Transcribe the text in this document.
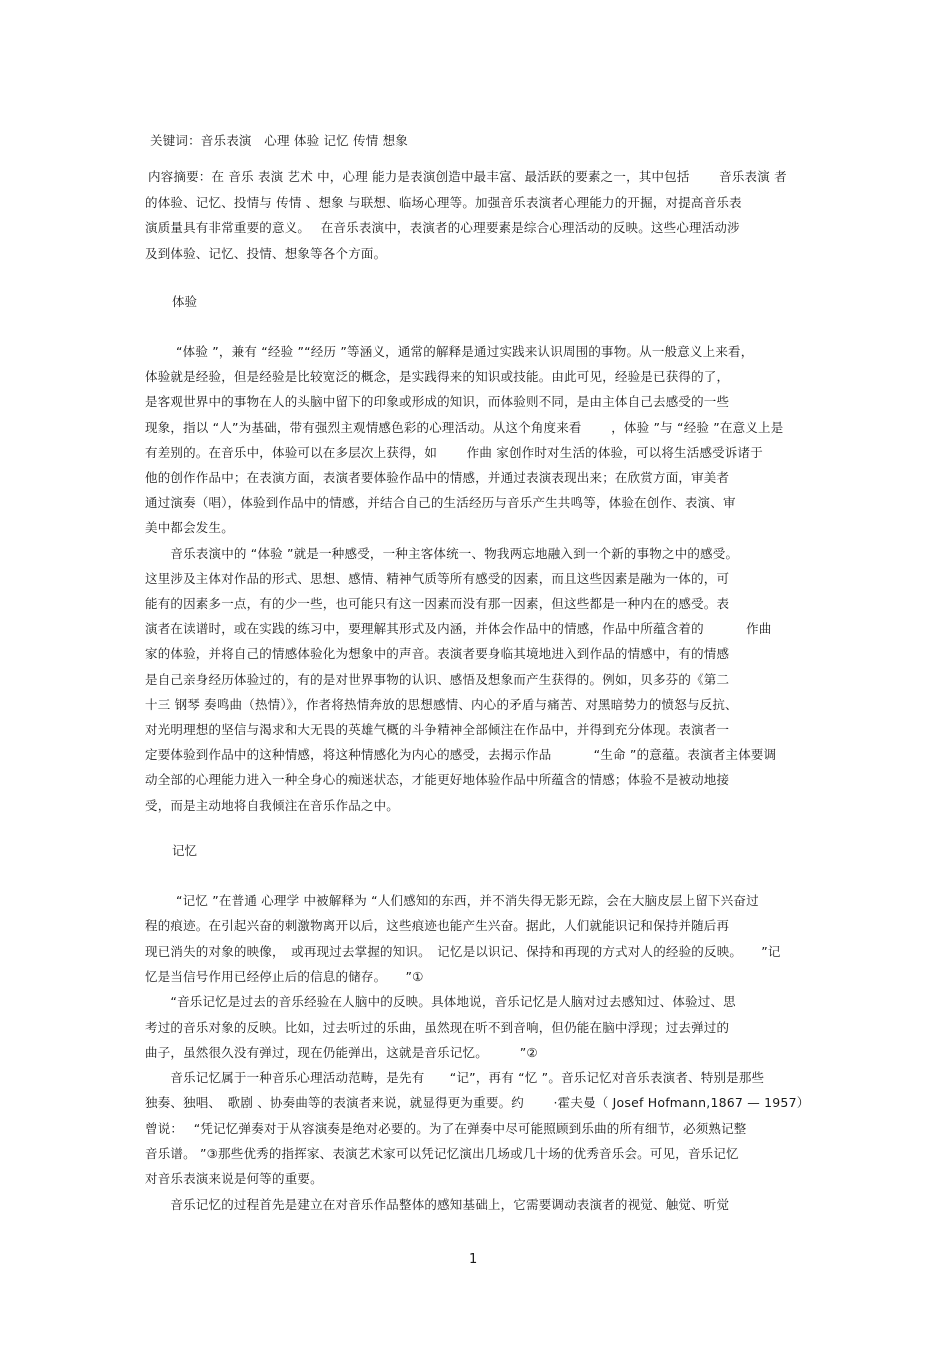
关键词：音乐表演　心理 体验 记忆 传情 想象
内容摘要：在 音乐 表演 艺术 中，心理 能力是表演创造中最丰富、最活跃的要素之一，其中包括　　 音乐表演 者
的体验、记忆、投情与 传情 、想象 与联想、临场心理等。加强音乐表演者心理能力的开掘，对提高音乐表
演质量具有非常重要的意义。　 在音乐表演中，表演者的心理要素是综合心理活动的反映。这些心理活动涉
及到体验、记忆、投情、想象等各个方面。
体验
“体验 ”，兼有 “经验 ”“经历 ”等涵义，通常的解释是通过实践来认识周围的事物。从一般意义上来看，
体验就是经验，但是经验是比较宽泛的概念，是实践得来的知识或技能。由此可见，经验是已获得的了，
是客观世界中的事物在人的头脑中留下的印象或形成的知识，而体验则不同，是由主体自己去感受的一些
现象，指以 “人”为基础，带有强烈主观情感色彩的心理活动。从这个角度来看　　 ，体验 ”与 “经验 ”在意义上是
有差别的。在音乐中，体验可以在多层次上获得，如　　 作曲 家创作时对生活的体验，可以将生活感受诉诸于
他的创作作品中；在表演方面，表演者要体验作品中的情感，并通过表演表现出来；在欣赏方面，审美者
通过演奏（唱），体验到作品中的情感，并结合自己的生活经历与音乐产生共鸣等，体验在创作、表演、审
美中都会发生。
　　音乐表演中的 “体验 ”就是一种感受，一种主客体统一、物我两忘地融入到一个新的事物之中的感受。
这里涉及主体对作品的形式、思想、感情、精神气质等所有感受的因素，而且这些因素是融为一体的，可
能有的因素多一点，有的少一些，也可能只有这一因素而没有那一因素，但这些都是一种内在的感受。表
演者在读谱时，或在实践的练习中，要理解其形式及内涵，并体会作品中的情感，作品中所蕴含着的　　　 作曲
家的体验，并将自己的情感体验化为想象中的声音。表演者要身临其境地进入到作品的情感中，有的情感
是自己亲身经历体验过的，有的是对世界事物的认识、感悟及想象而产生获得的。例如，贝多芬的《第二
十三 钢琴 奏鸣曲（热情）》，作者将热情奔放的思想感情、内心的矛盾与痛苦、对黑暗势力的愤怒与反抗、
对光明理想的坚信与渴求和大无畏的英雄气概的斗争精神全部倾注在作品中，并得到充分体现。表演者一
定要体验到作品中的这种情感，将这种情感化为内心的感受，去揭示作品　　　 “生命 ”的意蕴。表演者主体要调
动全部的心理能力进入一种全身心的痴迷状态，才能更好地体验作品中所蕴含的情感；体验不是被动地接
受，而是主动地将自我倾注在音乐作品之中。
记忆
“记忆 ”在普通 心理学 中被解释为 “人们感知的东西，并不消失得无影无踪，会在大脑皮层上留下兴奋过
程的痕迹。在引起兴奋的刺激物离开以后，这些痕迹也能产生兴奋。据此，人们就能识记和保持并随后再
现已消失的对象的映像，　或再现过去掌握的知识。　记忆是以识记、保持和再现的方式对人的经验的反映。　　”记
忆是当信号作用已经停止后的信息的储存。　　”①
　　“音乐记忆是过去的音乐经验在人脑中的反映。具体地说，音乐记忆是人脑对过去感知过、体验过、思
考过的音乐对象的反映。比如，过去听过的乐曲，虽然现在听不到音响，但仍能在脑中浮现；过去弹过的
曲子，虽然很久没有弹过，现在仍能弹出，这就是音乐记忆。　　　”②
　　音乐记忆属于一种音乐心理活动范畴，是先有　　“记”，再有 “忆 ”。音乐记忆对音乐表演者、特别是那些
独奏、独唱、　歌剧 、协奏曲等的表演者来说，就显得更为重要。约　　 ·霍夫曼（ Josef Hofmann,1867 — 1957）
曾说：　 “凭记忆弹奏对于从容演奏是绝对必要的。为了在弹奏中尽可能照顾到乐曲的所有细节，必须熟记整
音乐谱。 ”③那些优秀的指挥家、表演艺术家可以凭记忆演出几场或几十场的优秀音乐会。可见，音乐记忆
对音乐表演来说是何等的重要。
　　音乐记忆的过程首先是建立在对音乐作品整体的感知基础上，它需要调动表演者的视觉、触觉、听觉
1
